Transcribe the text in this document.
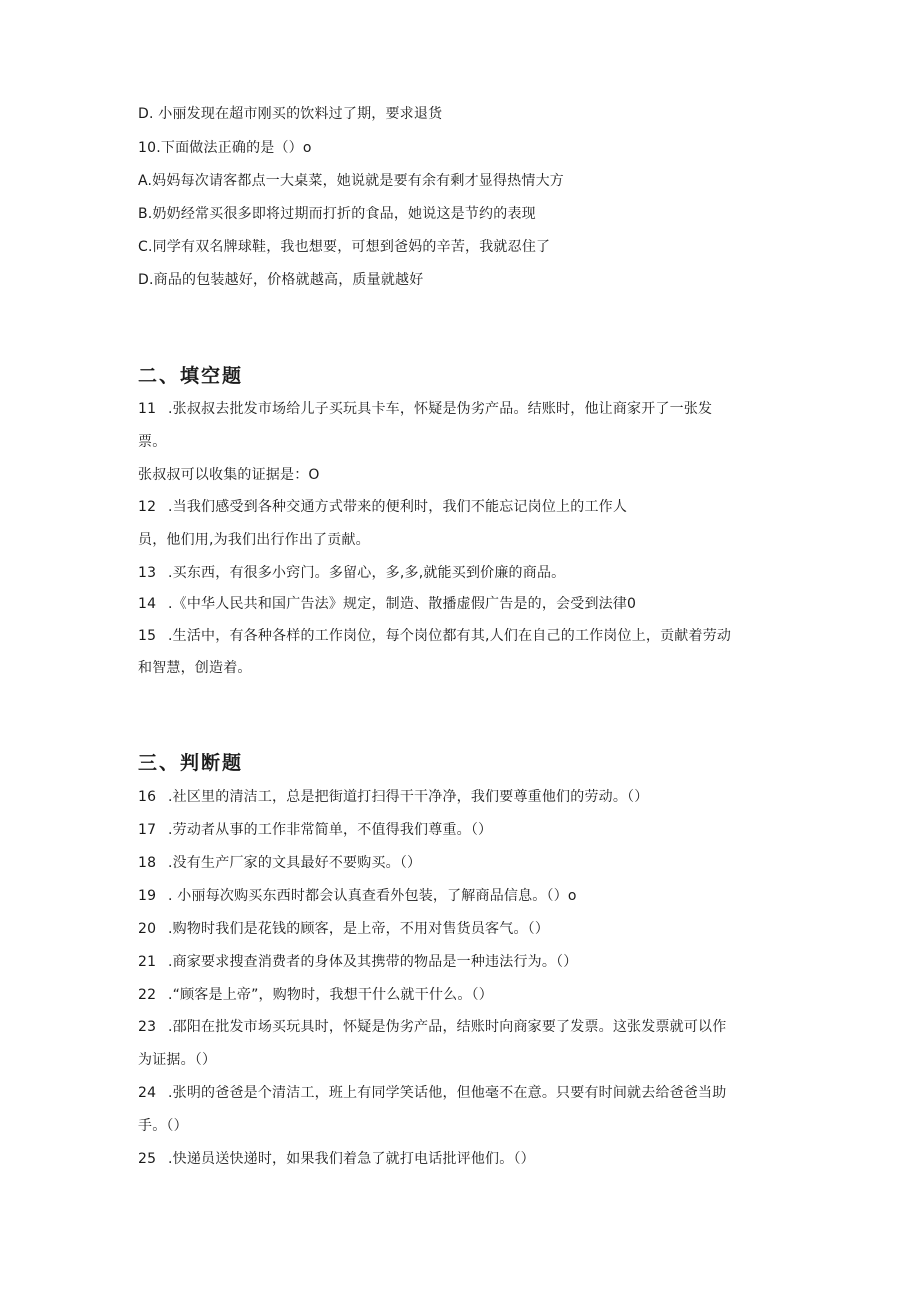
D. 小丽发现在超市刚买的饮料过了期，要求退货
10.下面做法正确的是（）o
A.妈妈每次请客都点一大桌菜，她说就是要有余有剩才显得热情大方
B.奶奶经常买很多即将过期而打折的食品，她说这是节约的表现
C.同学有双名牌球鞋，我也想要，可想到爸妈的辛苦，我就忍住了
D.商品的包装越好，价格就越高，质量就越好
二、填空题
11 .张叔叔去批发市场给儿子买玩具卡车，怀疑是伪劣产品。结账时，他让商家开了一张发
票。
张叔叔可以收集的证据是：O
12 .当我们感受到各种交通方式带来的便利时，我们不能忘记岗位上的工作人
员，他们用,为我们出行作出了贡献。
13 .买东西，有很多小窍门。多留心，多,多,就能买到价廉的商品。
14 .《中华人民共和国广告法》规定，制造、散播虚假广告是的，会受到法律0
15 .生活中，有各种各样的工作岗位，每个岗位都有其,人们在自己的工作岗位上，贡献着劳动
和智慧，创造着。
三、判断题
16 .社区里的清洁工，总是把街道打扫得干干净净，我们要尊重他们的劳动。（）
17 .劳动者从事的工作非常简单，不值得我们尊重。（）
18 .没有生产厂家的文具最好不要购买。（）
19 . 小丽每次购买东西时都会认真查看外包装，了解商品信息。（）o
20 .购物时我们是花钱的顾客，是上帝，不用对售货员客气。（）
21 .商家要求搜查消费者的身体及其携带的物品是一种违法行为。（）
22 .“顾客是上帝”，购物时，我想干什么就干什么。（）
23 .邵阳在批发市场买玩具时，怀疑是伪劣产品，结账时向商家要了发票。这张发票就可以作
为证据。（）
24 .张明的爸爸是个清洁工，班上有同学笑话他，但他毫不在意。只要有时间就去给爸爸当助
手。（）
25 .快递员送快递时，如果我们着急了就打电话批评他们。（）
